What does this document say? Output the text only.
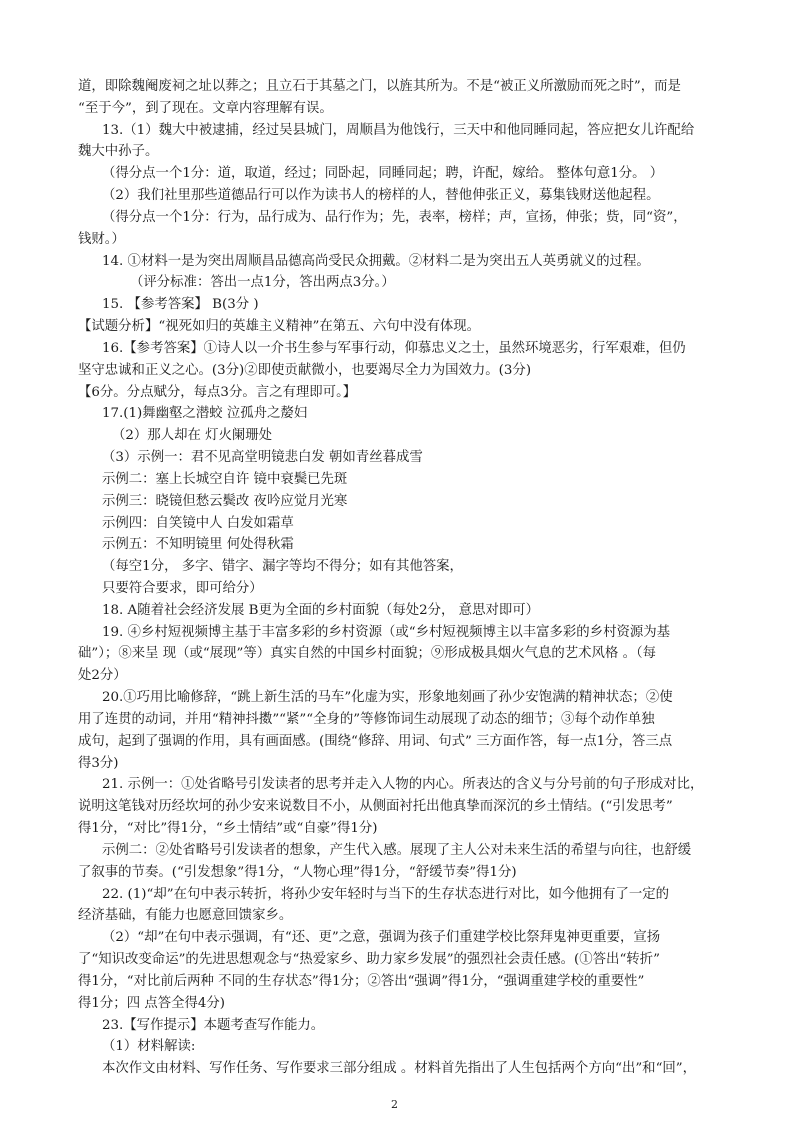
道，即除魏阉废祠之址以葬之；且立石于其墓之门，以旌其所为。不是“被正义所激励而死之时”，而是
“至于今”，到了现在。文章内容理解有误。
13.（1）魏大中被逮捕，经过吴县城门，周顺昌为他饯行，三天中和他同睡同起，答应把女儿许配给
魏大中孙子。
（得分点一个1分：道，取道，经过；同卧起，同睡同起；聘，许配，嫁给。 整体句意1分。 ）
（2）我们社里那些道德品行可以作为读书人的榜样的人，替他伸张正义，募集钱财送他起程。
（得分点一个1分：行为，品行成为、品行作为；先，表率，榜样；声，宣扬，伸张；赀，同“资”，
钱财。）
14. ①材料一是为突出周顺昌品德高尚受民众拥戴。②材料二是为突出五人英勇就义的过程。
（评分标准：答出一点1分，答出两点3分。）
15. 【参考答案】 B(3分 )
【试题分析】“视死如归的英雄主义精神”在第五、六句中没有体现。
16.【参考答案】①诗人以一介书生参与军事行动，仰慕忠义之士，虽然环境恶劣，行军艰难，但仍
坚守忠诚和正义之心。(3分)②即使贡献微小，也要竭尽全力为国效力。(3分)
【6分。分点赋分，每点3分。言之有理即可。】
17.(1)舞幽壑之潜蛟 泣孤舟之嫠妇
（2）那人却在 灯火阑珊处
（3）示例一：君不见高堂明镜悲白发 朝如青丝暮成雪
示例二：塞上长城空自许 镜中衰鬓已先斑
示例三：晓镜但愁云鬓改 夜吟应觉月光寒
示例四：自笑镜中人 白发如霜草
示例五：不知明镜里 何处得秋霜
（每空1分， 多字、错字、漏字等均不得分；如有其他答案，
只要符合要求，即可给分）
18. A随着社会经济发展 B更为全面的乡村面貌（每处2分， 意思对即可）
19. ④乡村短视频博主基于丰富多彩的乡村资源（或“乡村短视频博主以丰富多彩的乡村资源为基
础”）；⑧来呈 现（或“展现”等）真实自然的中国乡村面貌；⑨形成极具烟火气息的艺术风格 。（每
处2分）
20.①巧用比喻修辞，“跳上新生活的马车”化虚为实，形象地刻画了孙少安饱满的精神状态；②使
用了连贯的动词，并用“精神抖擞”“紧”“全身的”等修饰词生动展现了动态的细节；③每个动作单独
成句，起到了强调的作用，具有画面感。(围绕“修辞、用词、句式” 三方面作答，每一点1分，答三点
得3分)
21. 示例一：①处省略号引发读者的思考并走入人物的内心。所表达的含义与分号前的句子形成对比，
说明这笔钱对历经坎坷的孙少安来说数目不小，从侧面衬托出他真挚而深沉的乡土情结。(“引发思考”
得1分，“对比”得1分，“乡土情结”或“自豪”得1分)
示例二：②处省略号引发读者的想象，产生代入感。展现了主人公对未来生活的希望与向往，也舒缓
了叙事的节奏。(“引发想象”得1分，“人物心理”得1分，“舒缓节奏”得1分)
22. (1)“却”在句中表示转折，将孙少安年轻时与当下的生存状态进行对比，如今他拥有了一定的
经济基础，有能力也愿意回馈家乡。
（2）“却”在句中表示强调，有“还、更”之意，强调为孩子们重建学校比祭拜鬼神更重要，宣扬
了“知识改变命运”的先进思想观念与“热爱家乡、助力家乡发展”的强烈社会责任感。(①答出“转折”
得1分，“对比前后两种 不同的生存状态”得1分；②答出“强调”得1分，“强调重建学校的重要性”
得1分；四 点答全得4分)
23.【写作提示】本题考查写作能力。
（1）材料解读:
本次作文由材料、写作任务、写作要求三部分组成 。材料首先指出了人生包括两个方向“出”和“回”，
2
